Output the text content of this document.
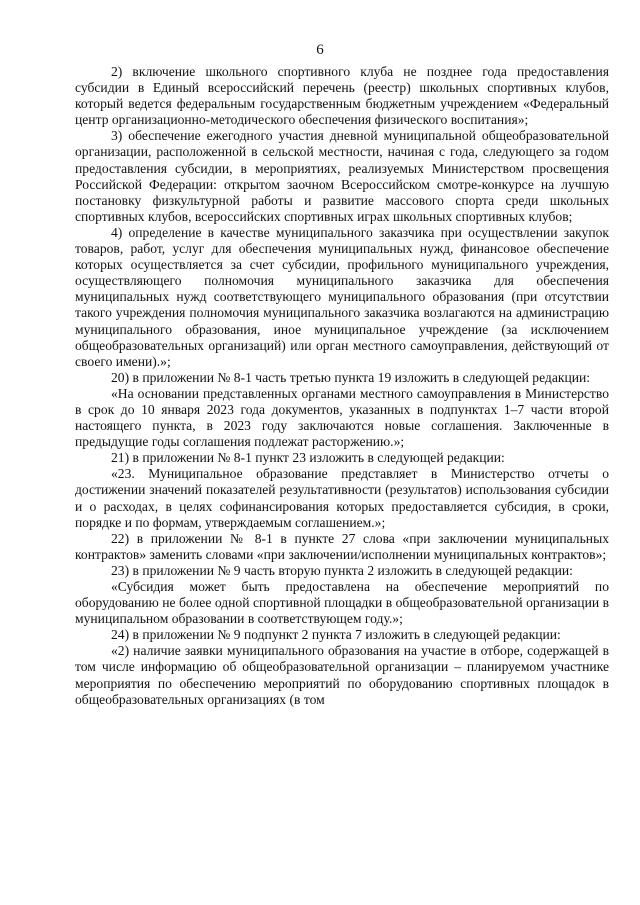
6

2) включение школьного спортивного клуба не позднее года предоставления субсидии в Единый всероссийский перечень (реестр) школьных спортивных клубов, который ведется федеральным государственным бюджетным учреждением «Федеральный центр организационно-методического обеспечения физического воспитания»;

3) обеспечение ежегодного участия дневной муниципальной общеобразовательной организации, расположенной в сельской местности, начиная с года, следующего за годом предоставления субсидии, в мероприятиях, реализуемых Министерством просвещения Российской Федерации: открытом заочном Всероссийском смотре-конкурсе на лучшую постановку физкультурной работы и развитие массового спорта среди школьных спортивных клубов, всероссийских спортивных играх школьных спортивных клубов;

4) определение в качестве муниципального заказчика при осуществлении закупок товаров, работ, услуг для обеспечения муниципальных нужд, финансовое обеспечение которых осуществляется за счет субсидии, профильного муниципального учреждения, осуществляющего полномочия муниципального заказчика для обеспечения муниципальных нужд соответствующего муниципального образования (при отсутствии такого учреждения полномочия муниципального заказчика возлагаются на администрацию муниципального образования, иное муниципальное учреждение (за исключением общеобразовательных организаций) или орган местного самоуправления, действующий от своего имени).»;

20) в приложении № 8-1 часть третью пункта 19 изложить в следующей редакции:

«На основании представленных органами местного самоуправления в Министерство в срок до 10 января 2023 года документов, указанных в подпунктах 1–7 части второй настоящего пункта, в 2023 году заключаются новые соглашения. Заключенные в предыдущие годы соглашения подлежат расторжению.»;

21) в приложении № 8-1 пункт 23 изложить в следующей редакции:

«23. Муниципальное образование представляет в Министерство отчеты о достижении значений показателей результативности (результатов) использования субсидии и о расходах, в целях софинансирования которых предоставляется субсидия, в сроки, порядке и по формам, утверждаемым соглашением.»;

22) в приложении № 8-1 в пункте 27 слова «при заключении муниципальных контрактов» заменить словами «при заключении/исполнении муниципальных контрактов»;

23) в приложении № 9 часть вторую пункта 2 изложить в следующей редакции:

«Субсидия может быть предоставлена на обеспечение мероприятий по оборудованию не более одной спортивной площадки в общеобразовательной организации в муниципальном образовании в соответствующем году.»;

24) в приложении № 9 подпункт 2 пункта 7 изложить в следующей редакции:

«2) наличие заявки муниципального образования на участие в отборе, содержащей в том числе информацию об общеобразовательной организации – планируемом участнике мероприятия по обеспечению мероприятий по оборудованию спортивных площадок в общеобразовательных организациях (в том
